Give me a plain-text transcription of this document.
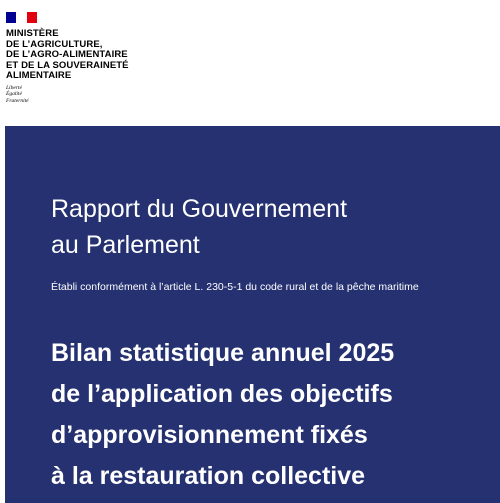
MINISTÈRE
DE L’AGRICULTURE,
DE L’AGRO-ALIMENTAIRE
ET DE LA SOUVERAINETÉ
ALIMENTAIRE
Liberté
Égalité
Fraternité
Rapport du Gouvernement
au Parlement
Établi conformément à l’article L. 230-5-1 du code rural et de la pêche maritime
Bilan statistique annuel 2025
de l’application des objectifs
d’approvisionnement fixés
à la restauration collective
